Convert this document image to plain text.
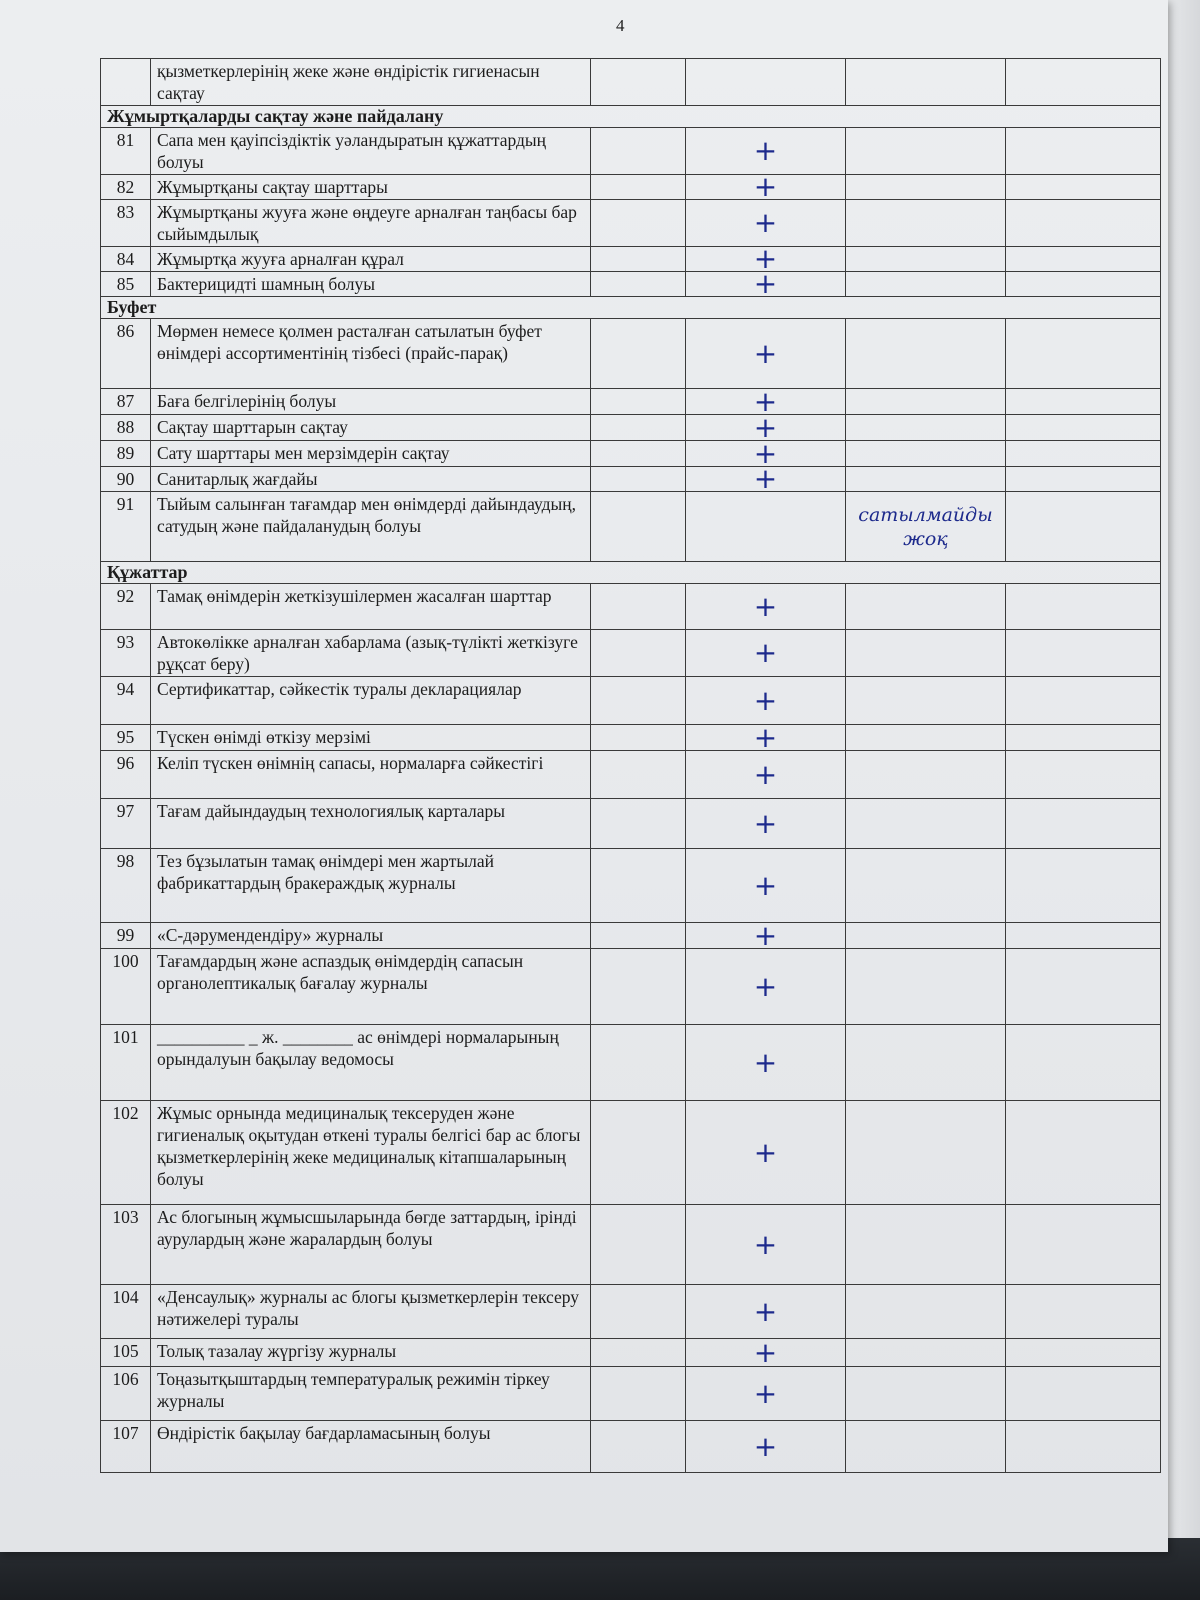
4
	қызметкерлерінің жеке және өндірістік гигиенасын сақтау				
Жұмыртқаларды сақтау және пайдалану					
81	Сапа мен қауіпсіздіктік уәландыратын құжаттардың болуы		+		
82	Жұмыртқаны сақтау шарттары		+		
83	Жұмыртқаны жууға және өңдеуге арналған таңбасы бар сыйымдылық		+		
84	Жұмыртқа жууға арналған құрал		+		
85	Бактерицидті шамның болуы		+		
Буфет					
86	Мөрмен немесе қолмен расталған сатылатын буфет өнімдері ассортиментінің тізбесі (прайс-парақ)		+		
87	Баға белгілерінің болуы		+		
88	Сақтау шарттарын сақтау		+		
89	Сату шарттары мен мерзімдерін сақтау		+		
90	Санитарлық жағдайы		+		
91	Тыйым салынған тағамдар мен өнімдерді дайындаудың, сатудың және пайдаланудың болуы			сатылмайды жоқ	
Құжаттар					
92	Тамақ өнімдерін жеткізушілермен жасалған шарттар		+		
93	Автокөлікке арналған хабарлама (азық-түлікті жеткізуге рұқсат беру)		+		
94	Сертификаттар, сәйкестік туралы декларациялар		+		
95	Түскен өнімді өткізу мерзімі		+		
96	Келіп түскен өнімнің сапасы, нормаларға сәйкестігі		+		
97	Тағам дайындаудың технологиялық карталары		+		
98	Тез бұзылатын тамақ өнімдері мен жартылай фабрикаттардың бракераждық журналы		+		
99	«С-дәрумендендіру» журналы		+		
100	Тағамдардың және аспаздық өнімдердің сапасын органолептикалық бағалау журналы		+		
101	__________ _ ж. ________ ас өнімдері нормаларының орындалуын бақылау ведомосы		+		
102	Жұмыс орнында медициналық тексеруден және гигиеналық оқытудан өткені туралы белгісі бар ас блогы қызметкерлерінің жеке медициналық кітапшаларының болуы		+		
103	Ас блогының жұмысшыларында бөгде заттардың, ірінді аурулардың және жаралардың болуы		+		
104	«Денсаулық» журналы ас блогы қызметкерлерін тексеру нәтижелері туралы		+		
105	Толық тазалау жүргізу журналы		+		
106	Тоңазытқыштардың температуралық режимін тіркеу журналы		+		
107	Өндірістік бақылау бағдарламасының болуы		+		
